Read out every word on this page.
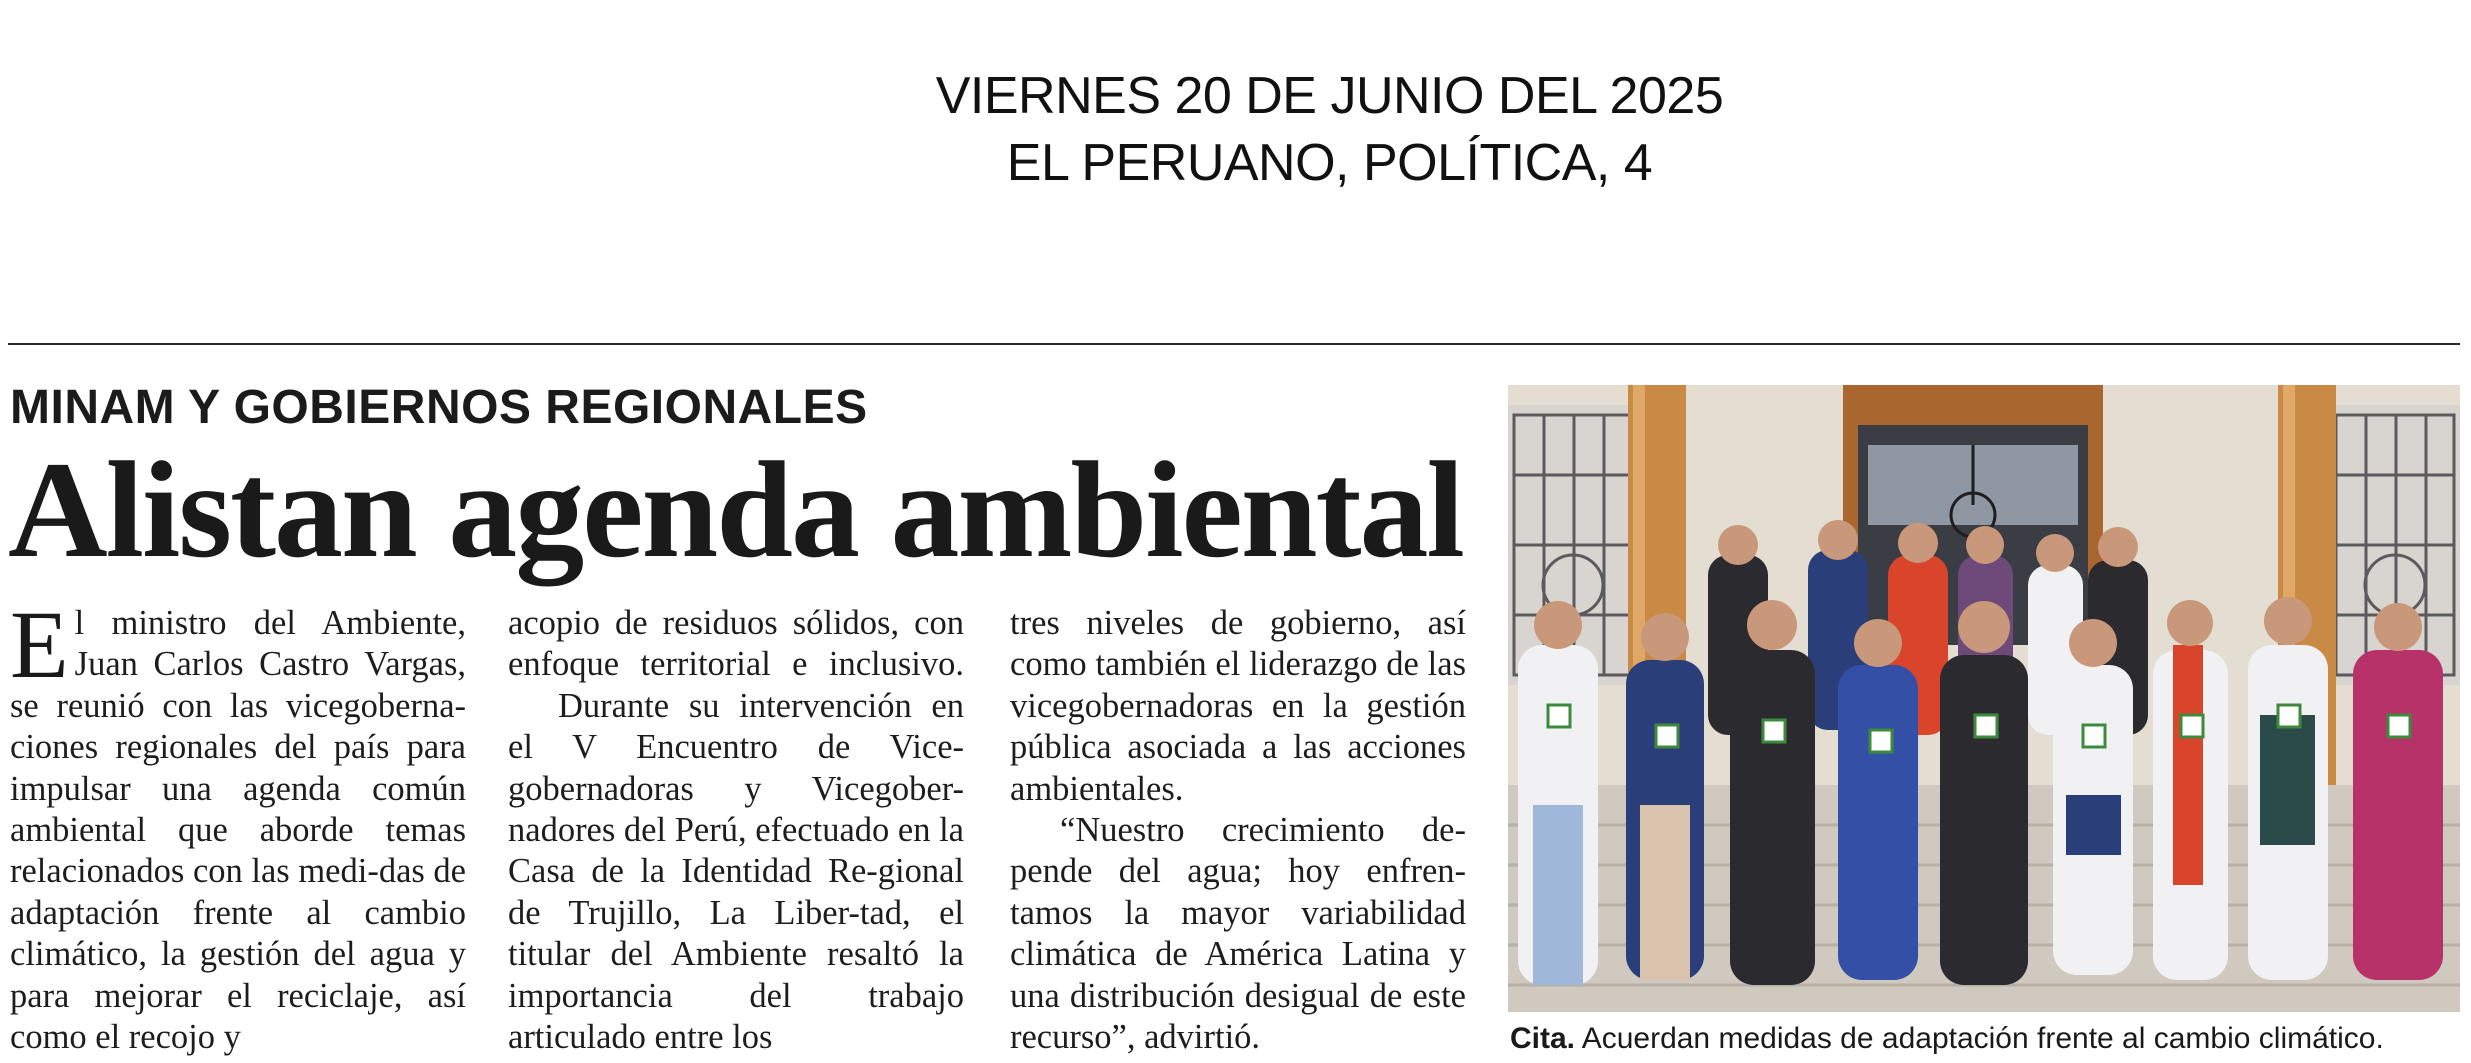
VIERNES 20 DE JUNIO DEL 2025
EL PERUANO, POLÍTICA, 4
MINAM Y GOBIERNOS REGIONALES
Alistan agenda ambiental

El ministro del Ambiente, Juan Carlos Castro Vargas, se reunió con las vicegoberna-ciones regionales del país para impulsar una agenda común ambiental que aborde temas relacionados con las medi-das de adaptación frente al cambio climático, la gestión del agua y para mejorar el reciclaje, así como el recojo y

acopio de residuos sólidos, con enfoque territorial e inclusivo.

Durante su intervención en el V Encuentro de Vice-gobernadoras y Vicegober-nadores del Perú, efectuado en la Casa de la Identidad Re-gional de Trujillo, La Liber-tad, el titular del Ambiente resaltó la importancia del trabajo articulado entre los

tres niveles de gobierno, así como también el liderazgo de las vicegobernadoras en la gestión pública asociada a las acciones ambientales.

“Nuestro crecimiento de-pende del agua; hoy enfren-tamos la mayor variabilidad climática de América Latina y una distribución desigual de este recurso”, advirtió.	Cita. Acuerdan medidas de adaptación frente al cambio climático.
